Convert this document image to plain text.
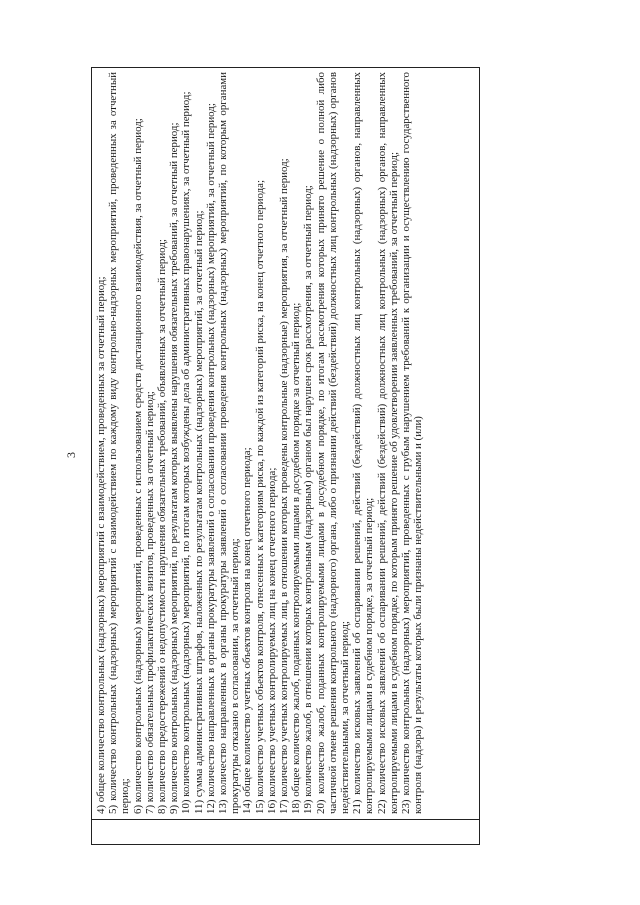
3 4) общее количество контрольных (надзорных) мероприятий с взаимодействием, проведенных за отчетный период; 5) количество контрольных (надзорных) мероприятий с взаимодействием по каждому виду контрольно-надзорных мероприятий, проведенных за отчетный период; 6) количество контрольных (надзорных) мероприятий, проведенных с использованием средств дистанционного взаимодействия, за отчетный период; 7) количество обязательных профилактических визитов, проведенных за отчетный период; 8) количество предостережений о недопустимости нарушения обязательных требований, объявленных за отчетный период; 9) количество контрольных (надзорных) мероприятий, по результатам которых выявлены нарушения обязательных требований, за отчетный период; 10) количество контрольных (надзорных) мероприятий, по итогам которых возбуждены дела об административных правонарушениях, за отчетный период; 11) сумма административных штрафов, наложенных по результатам контрольных (надзорных) мероприятий, за отчетный период; 12) количество направленных в органы прокуратуры заявлений о согласовании проведения контрольных (надзорных) мероприятий, за отчетный период; 13) количество направленных в органы прокуратуры заявлений о согласовании проведения контрольных (надзорных) мероприятий, по которым органами прокуратуры отказано в согласовании, за отчетный период; 14) общее количество учетных объектов контроля на конец отчетного периода; 15) количество учетных объектов контроля, отнесенных к категориям риска, по каждой из категорий риска, на конец отчетного периода; 16) количество учетных контролируемых лиц на конец отчетного периода; 17) количество учетных контролируемых лиц, в отношении которых проведены контрольные (надзорные) мероприятия, за отчетный период; 18) общее количество жалоб, поданных контролируемыми лицами в досудебном порядке за отчетный период; 19) количество жалоб, в отношении которых контрольным (надзорным) органом был нарушен срок рассмотрения, за отчетный период; 20) количество жалоб, поданных контролируемыми лицами в досудебном порядке, по итогам рассмотрения которых принято решение о полной либо частичной отмене решения контрольного (надзорного) органа, либо о признании действий (бездействий) должностных лиц контрольных (надзорных) органов недействительными, за отчетный период; 21) количество исковых заявлений об оспаривании решений, действий (бездействий) должностных лиц контрольных (надзорных) органов, направленных контролируемыми лицами в судебном порядке, за отчетный период; 22) количество исковых заявлений об оспаривании решений, действий (бездействий) должностных лиц контрольных (надзорных) органов, направленных контролируемыми лицами в судебном порядке, по которым принято решение об удовлетворении заявленных требований, за отчетный период; 23) количество контрольных (надзорных) мероприятий, проведенных с грубым нарушением требований к организации и осуществлению государственного контроля (надзора) и результаты которых были признаны недействительными и (или)
